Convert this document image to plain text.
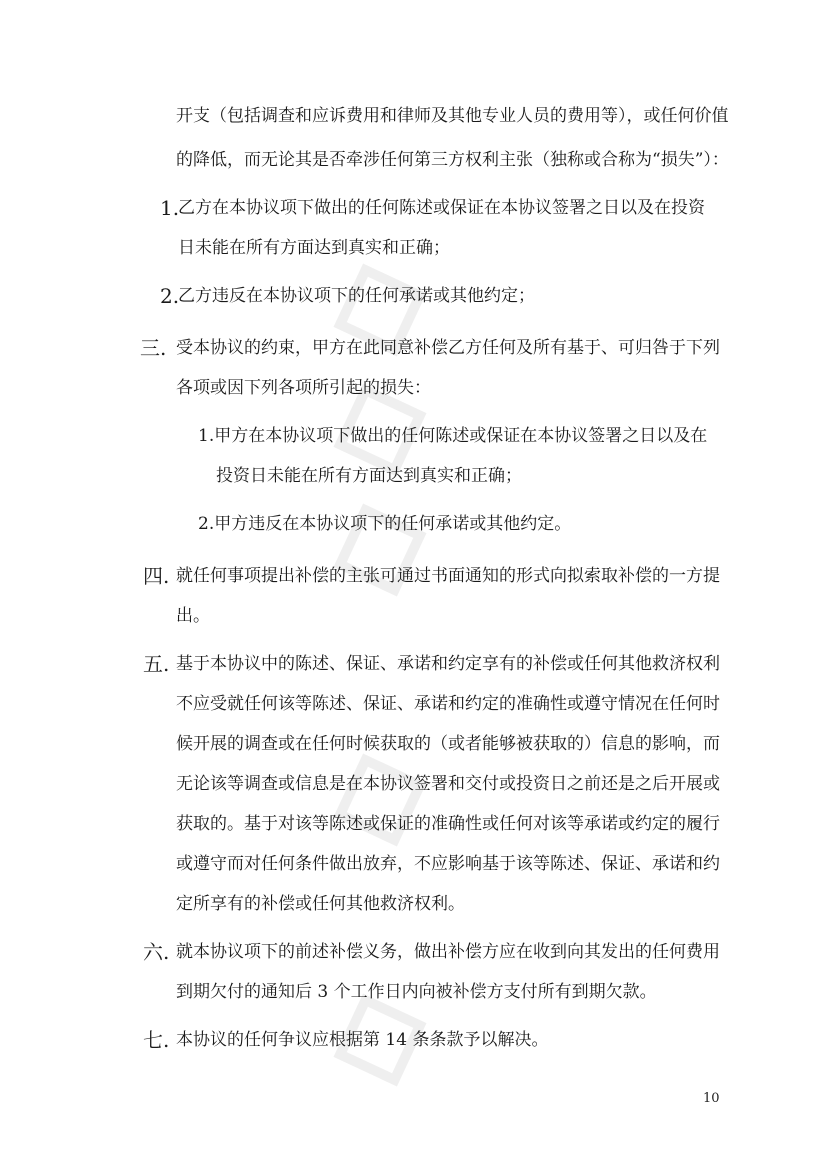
开支（包括调查和应诉费用和律师及其他专业人员的费用等），或任何价值
的降低，而无论其是否牵涉任何第三方权利主张（独称或合称为“损失”）：
1.
乙方在本协议项下做出的任何陈述或保证在本协议签署之日以及在投资
日未能在所有方面达到真实和正确；
2.
乙方违反在本协议项下的任何承诺或其他约定；
三. 受本协议的约束，甲方在此同意补偿乙方任何及所有基于、可归咎于下列
各项或因下列各项所引起的损失：
1.甲方在本协议项下做出的任何陈述或保证在本协议签署之日以及在
投资日未能在所有方面达到真实和正确；
2.甲方违反在本协议项下的任何承诺或其他约定。
四. 就任何事项提出补偿的主张可通过书面通知的形式向拟索取补偿的一方提
出。
五. 基于本协议中的陈述、保证、承诺和约定享有的补偿或任何其他救济权利
不应受就任何该等陈述、保证、承诺和约定的准确性或遵守情况在任何时
候开展的调查或在任何时候获取的（或者能够被获取的）信息的影响，而
无论该等调查或信息是在本协议签署和交付或投资日之前还是之后开展或
获取的。基于对该等陈述或保证的准确性或任何对该等承诺或约定的履行
或遵守而对任何条件做出放弃，不应影响基于该等陈述、保证、承诺和约
定所享有的补偿或任何其他救济权利。
六. 就本协议项下的前述补偿义务，做出补偿方应在收到向其发出的任何费用
到期欠付的通知后 3 个工作日内向被补偿方支付所有到期欠款。
七. 本协议的任何争议应根据第 14 条条款予以解决。
10
